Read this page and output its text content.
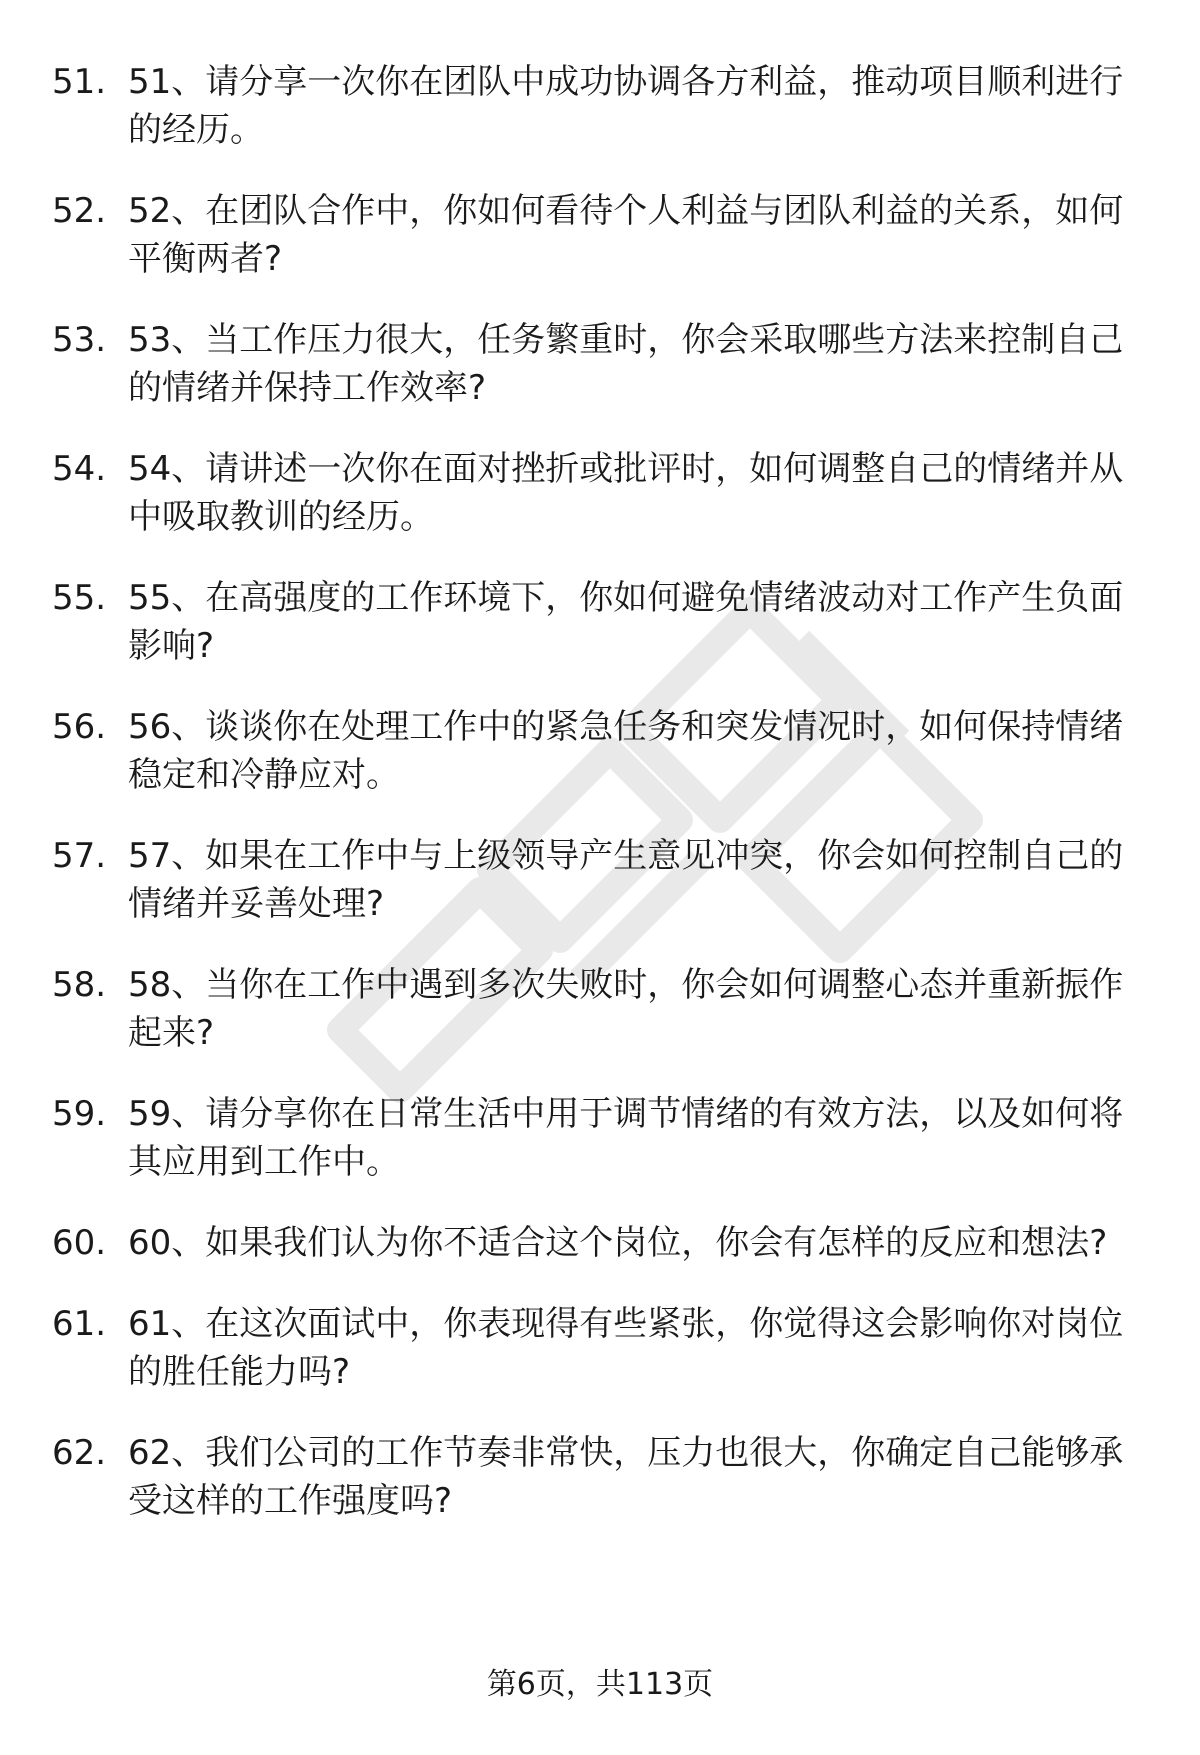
51. 51、请分享一次你在团队中成功协调各方利益，推动项目顺利进行的经历。
52. 52、在团队合作中，你如何看待个人利益与团队利益的关系，如何平衡两者?
53. 53、当工作压力很大，任务繁重时，你会采取哪些方法来控制自己的情绪并保持工作效率?
54. 54、请讲述一次你在面对挫折或批评时，如何调整自己的情绪并从中吸取教训的经历。
55. 55、在高强度的工作环境下，你如何避免情绪波动对工作产生负面影响?
56. 56、谈谈你在处理工作中的紧急任务和突发情况时，如何保持情绪稳定和冷静应对。
57. 57、如果在工作中与上级领导产生意见冲突，你会如何控制自己的情绪并妥善处理?
58. 58、当你在工作中遇到多次失败时，你会如何调整心态并重新振作起来?
59. 59、请分享你在日常生活中用于调节情绪的有效方法，以及如何将其应用到工作中。
60. 60、如果我们认为你不适合这个岗位，你会有怎样的反应和想法?
61. 61、在这次面试中，你表现得有些紧张，你觉得这会影响你对岗位的胜任能力吗?
62. 62、我们公司的工作节奏非常快，压力也很大，你确定自己能够承受这样的工作强度吗?
第6页，共113页
